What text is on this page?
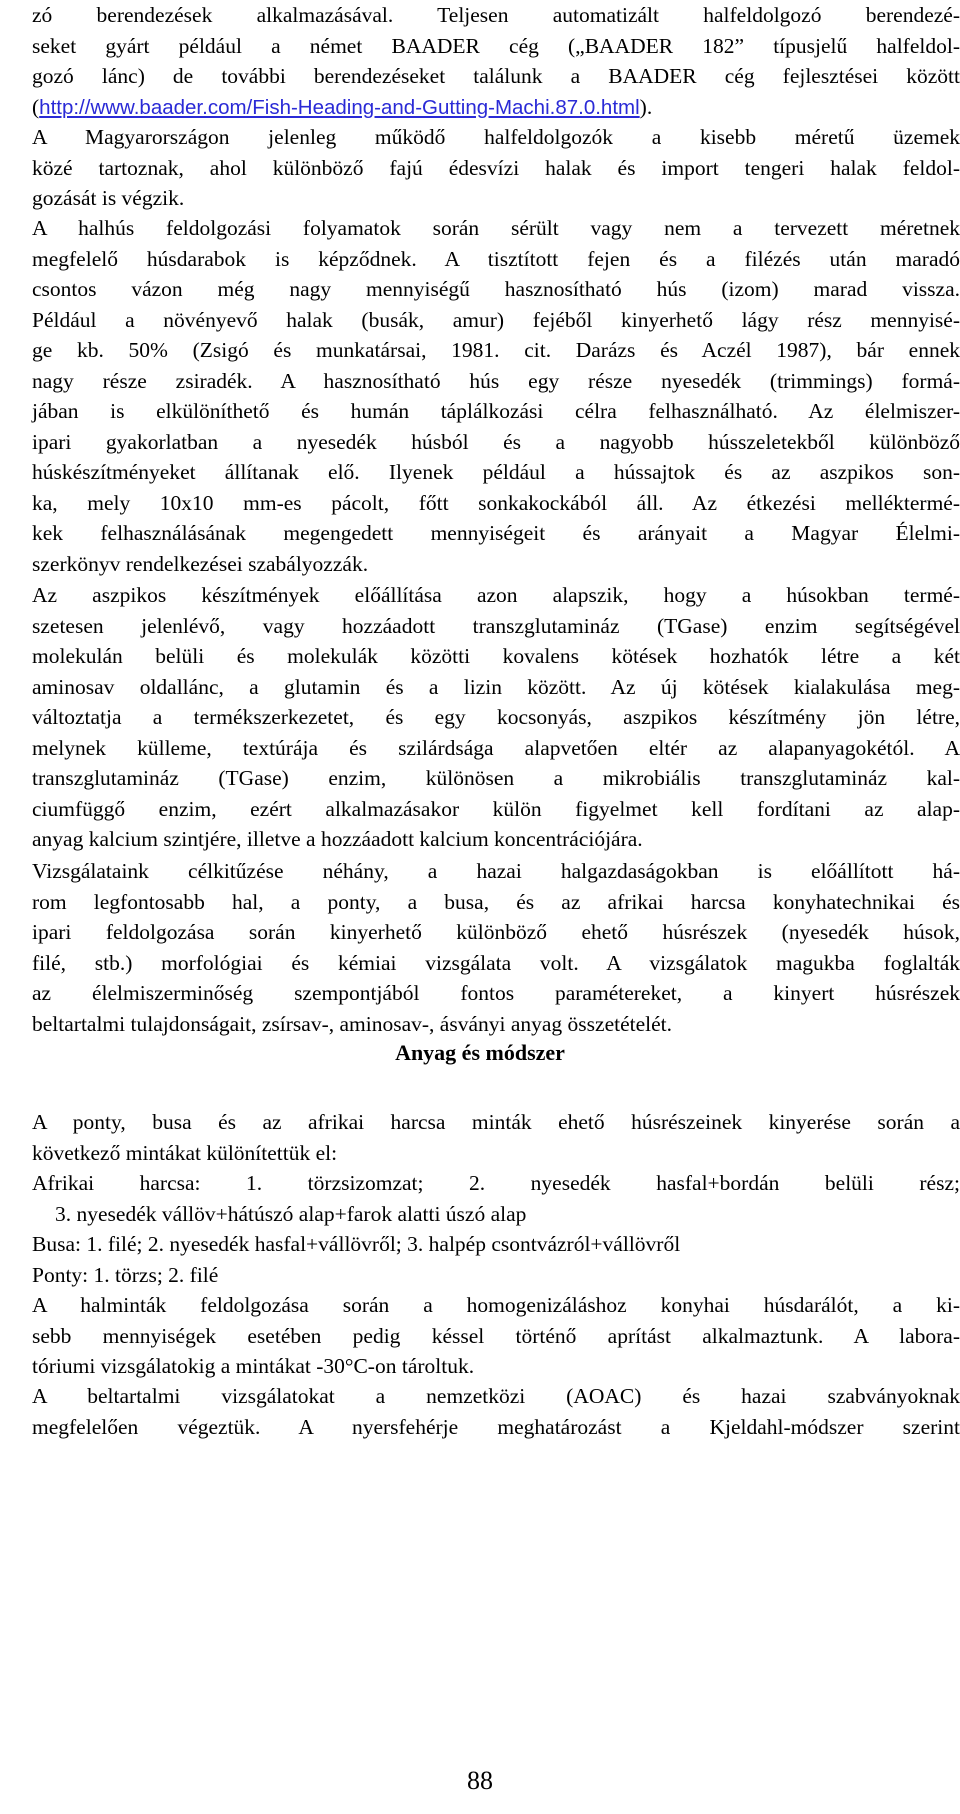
zó berendezések alkalmazásával. Teljesen automatizált halfeldolgozó berendezé-
seket gyárt például a német BAADER cég („BAADER 182” típusjelű halfeldol-
gozó lánc) de további berendezéseket találunk a BAADER cég fejlesztései között
(http://www.baader.com/Fish-Heading-and-Gutting-Machi.87.0.html).
A Magyarországon jelenleg működő halfeldolgozók a kisebb méretű üzemek
közé tartoznak, ahol különböző fajú édesvízi halak és import tengeri halak feldol-
gozását is végzik.
A halhús feldolgozási folyamatok során sérült vagy nem a tervezett méretnek
megfelelő húsdarabok is képződnek. A tisztított fejen és a filézés után maradó
csontos vázon még nagy mennyiségű hasznosítható hús (izom) marad vissza.
Például a növényevő halak (busák, amur) fejéből kinyerhető lágy rész mennyisé-
ge kb. 50% (Zsigó és munkatársai, 1981. cit. Darázs és Aczél 1987), bár ennek
nagy része zsiradék. A hasznosítható hús egy része nyesedék (trimmings) formá-
jában is elkülöníthető és humán táplálkozási célra felhasználható. Az élelmiszer-
ipari gyakorlatban a nyesedék húsból és a nagyobb hússzeletekből különböző
húskészítményeket állítanak elő. Ilyenek például a hússajtok és az aszpikos son-
ka, mely 10x10 mm-es pácolt, főtt sonkakockából áll. Az étkezési melléktermé-
kek felhasználásának megengedett mennyiségeit és arányait a Magyar Élelmi-
szerkönyv rendelkezései szabályozzák.
Az aszpikos készítmények előállítása azon alapszik, hogy a húsokban termé-
szetesen jelenlévő, vagy hozzáadott transzglutamináz (TGase) enzim segítségével
molekulán belüli és molekulák közötti kovalens kötések hozhatók létre a két
aminosav oldallánc, a glutamin és a lizin között. Az új kötések kialakulása meg-
változtatja a termékszerkezetet, és egy kocsonyás, aszpikos készítmény jön létre,
melynek külleme, textúrája és szilárdsága alapvetően eltér az alapanyagokétól. A
transzglutamináz (TGase) enzim, különösen a mikrobiális transzglutamináz kal-
ciumfüggő enzim, ezért alkalmazásakor külön figyelmet kell fordítani az alap-
anyag kalcium szintjére, illetve a hozzáadott kalcium koncentrációjára.
Vizsgálataink célkitűzése néhány, a hazai halgazdaságokban is előállított há-
rom legfontosabb hal, a ponty, a busa, és az afrikai harcsa konyhatechnikai és
ipari feldolgozása során kinyerhető különböző ehető húsrészek (nyesedék húsok,
filé, stb.) morfológiai és kémiai vizsgálata volt. A vizsgálatok magukba foglalták
az élelmiszerminőség szempontjából fontos paramétereket, a kinyert húsrészek
beltartalmi tulajdonságait, zsírsav-, aminosav-, ásványi anyag összetételét.
A ponty, busa és az afrikai harcsa minták ehető húsrészeinek kinyerése során a
következő mintákat különítettük el:
Afrikai harcsa: 1. törzsizomzat; 2. nyesedék hasfal+bordán belüli rész;
3. nyesedék vállöv+hátúszó alap+farok alatti úszó alap
Busa: 1. filé; 2. nyesedék hasfal+vállövről; 3. halpép csontvázról+vállövről
Ponty: 1. törzs; 2. filé
A halminták feldolgozása során a homogenizáláshoz konyhai húsdarálót, a ki-
sebb mennyiségek esetében pedig késsel történő aprítást alkalmaztunk. A labora-
tóriumi vizsgálatokig a mintákat -30°C-on tároltuk.
A beltartalmi vizsgálatokat a nemzetközi (AOAC) és hazai szabványoknak
megfelelően végeztük. A nyersfehérje meghatározást a Kjeldahl-módszer szerint
Anyag és módszer
88
